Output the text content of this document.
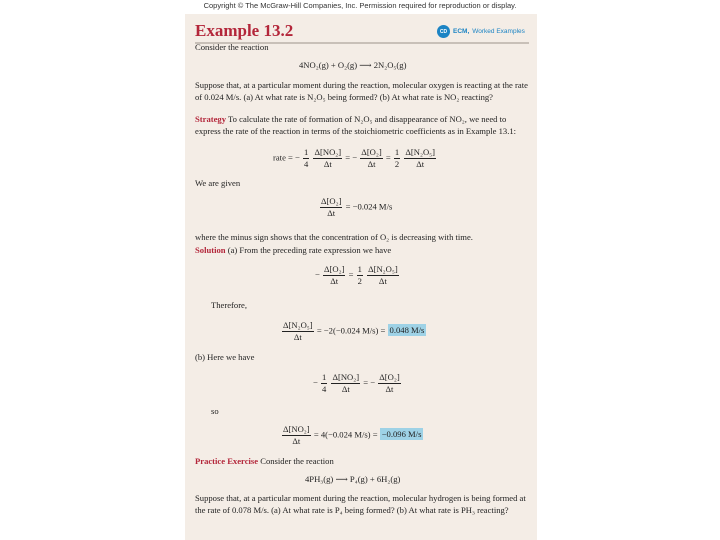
Copyright © The McGraw-Hill Companies, Inc. Permission required for reproduction or display.
Example 13.2	CD ECM, Worked Examples
Consider the reaction
4NO₂(g) + O₂(g) ⟶ 2N₂O₅(g)
Suppose that, at a particular moment during the reaction, molecular oxygen is reacting at the rate of 0.024 M/s. (a) At what rate is N₂O₅ being formed? (b) At what rate is NO₂ reacting?
Strategy To calculate the rate of formation of N₂O₅ and disappearance of NO₂, we need to express the rate of the reaction in terms of the stoichiometric coefficients as in Example 13.1:
rate = − $\frac{1}{4}$
$\frac{\text{Δ[NO₂]}}{\Delta t}$ = − $\frac{\text{Δ[O₂]}}{\Delta t} = \frac{1}{2}$
$\frac{\text{Δ[N₂O₅]}}{\Delta t}$
We are given
$\frac{\text{Δ[O₂]}}{\Delta t} = -0.024$ M/s
where the minus sign shows that the concentration of O₂ is decreasing with time.
Solution (a) From the preceding rate expression we have
− $\frac{\text{Δ[O₂]}}{\Delta t} = \frac{1}{2}$
$\frac{\text{Δ[N₂O₅]}}{\Delta t}$
Therefore,
$\frac{\text{Δ[N₂O₅]}}{\Delta t} = -2(-0.024$ M/s) = 0.048 M/s
(b) Here we have
− $\frac{1}{4}$
$\frac{\text{Δ[NO₂]}}{\Delta t}$ = − $\frac{\text{Δ[O₂]}}{\Delta t}$
so
$\frac{\text{Δ[NO₂]}}{\Delta t} = 4(-0.024$ M/s) = −0.096 M/s
Practice Exercise Consider the reaction
4PH₃(g) ⟶ P₄(g) + 6H₂(g)
Suppose that, at a particular moment during the reaction, molecular hydrogen is being formed at the rate of 0.078 M/s. (a) At what rate is P₄ being formed? (b) At what rate is PH₃ reacting?
